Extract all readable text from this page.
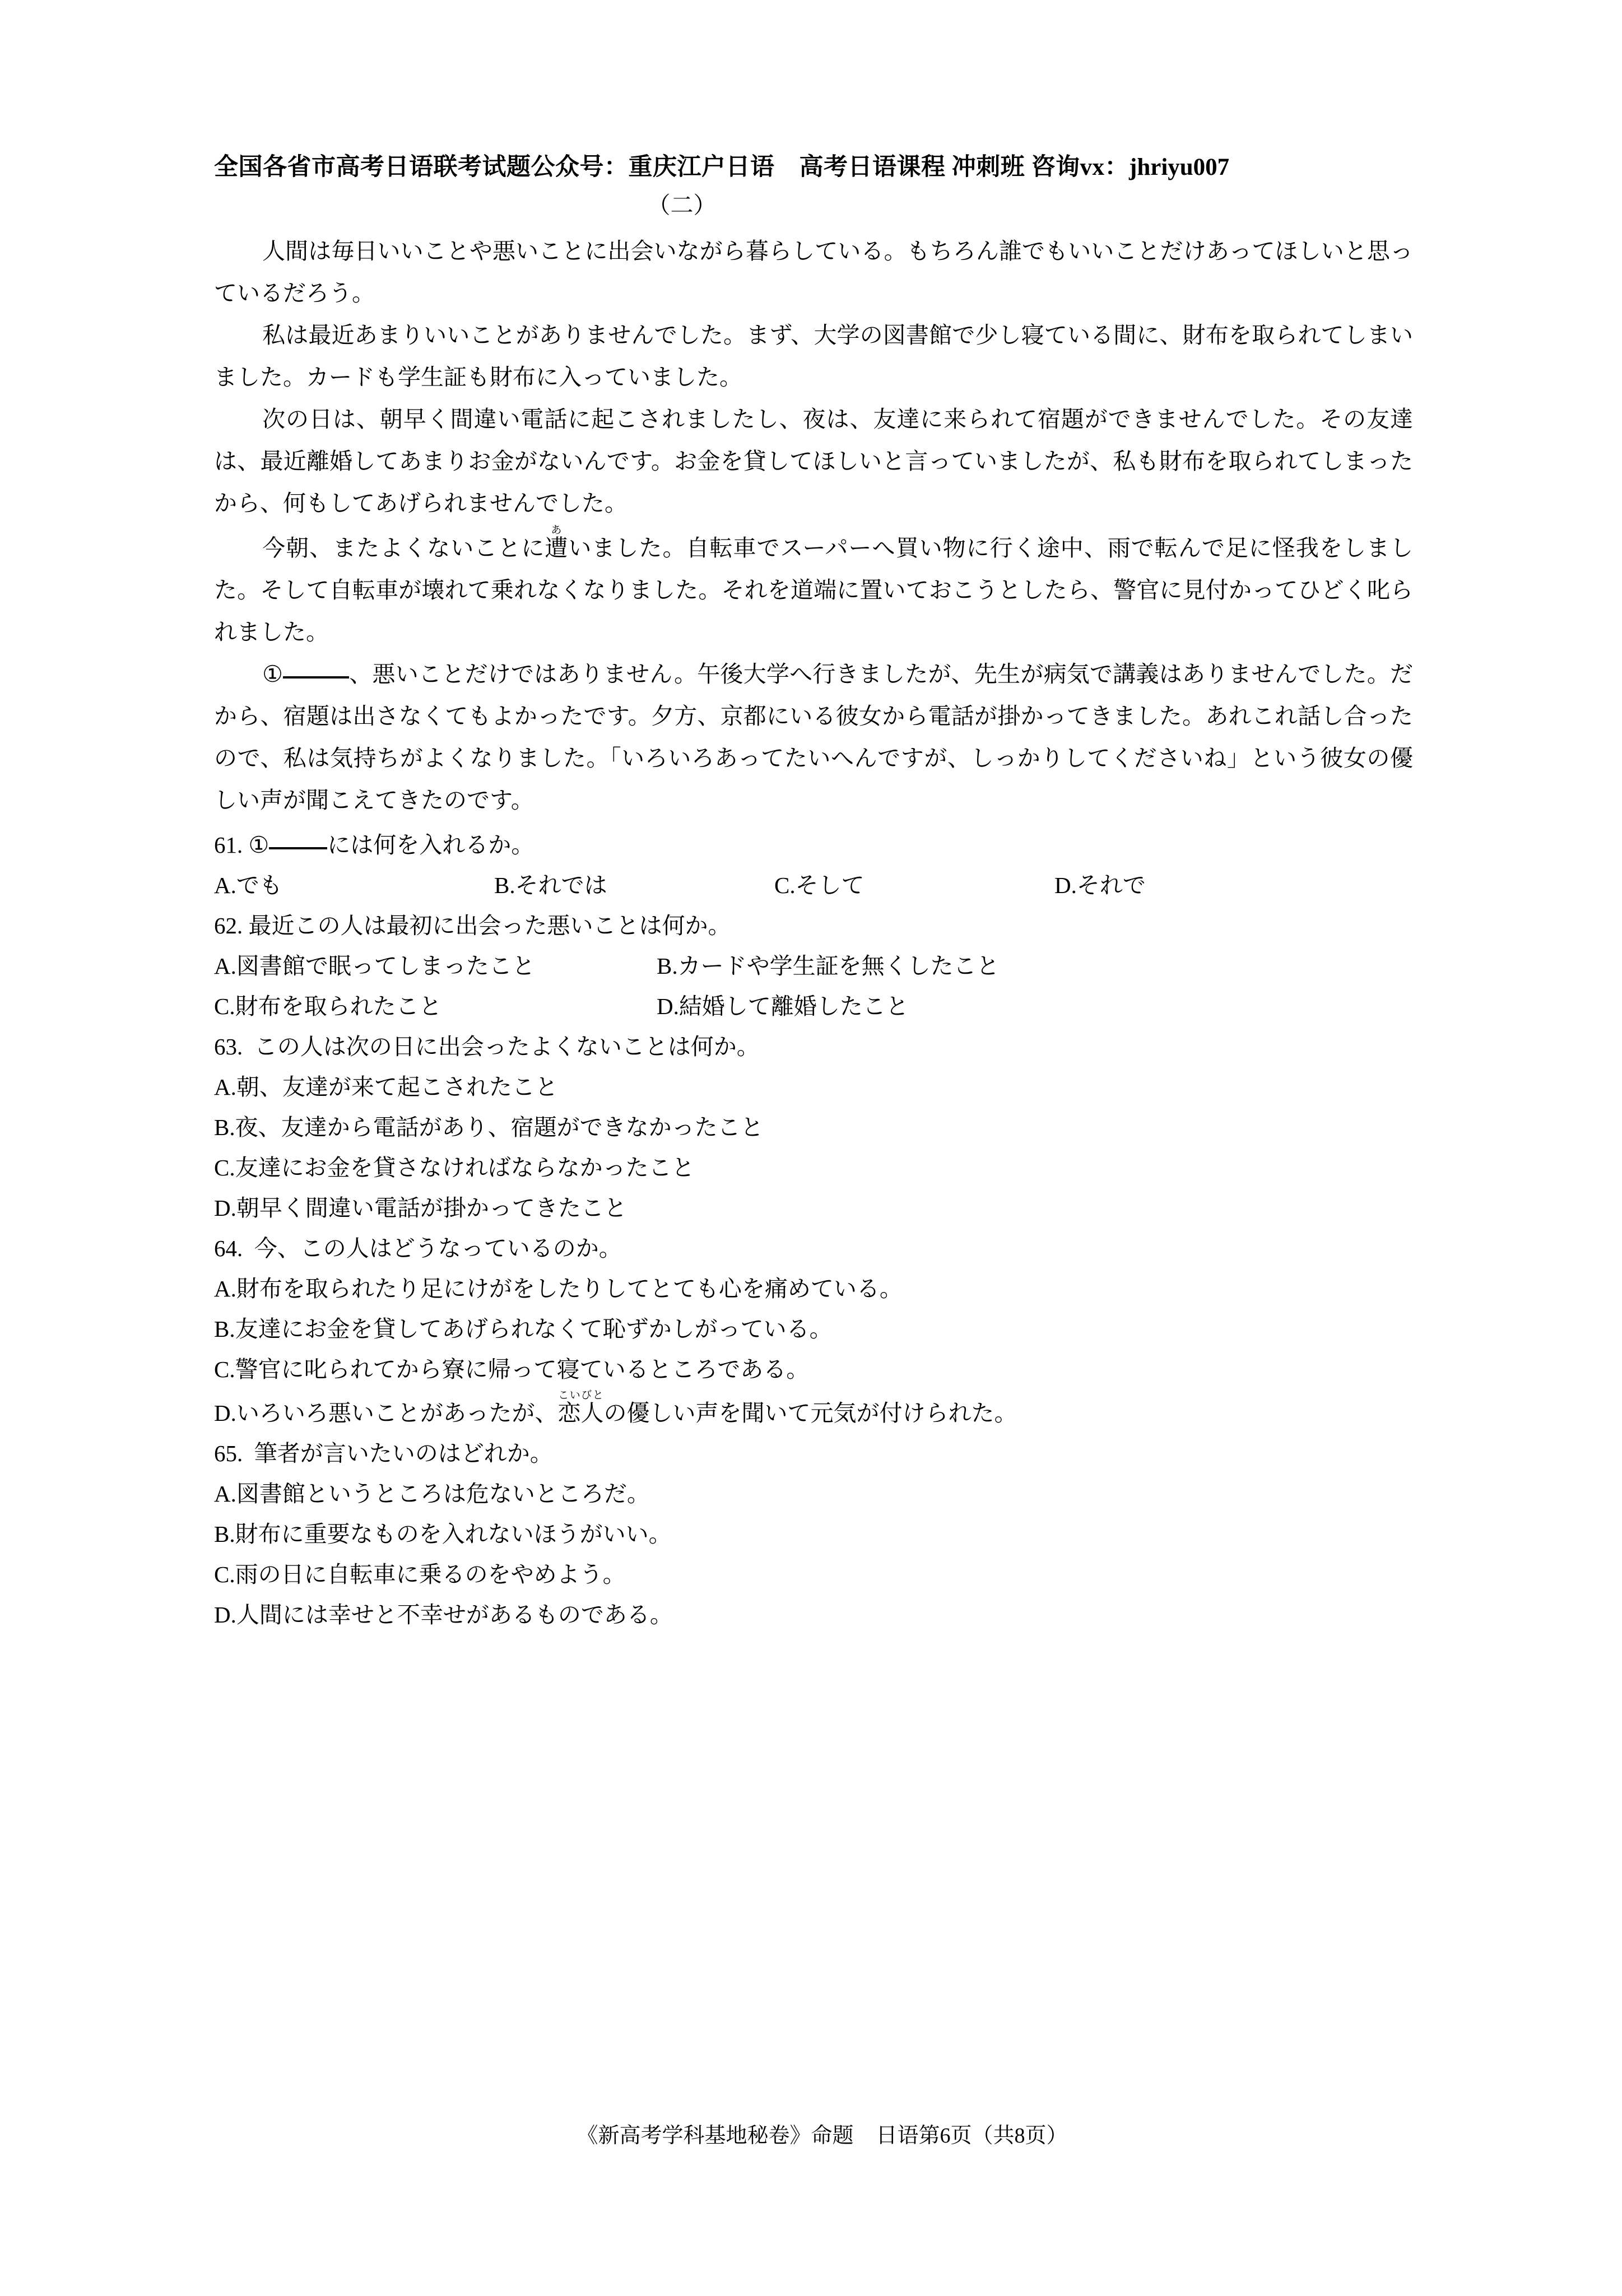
全国各省市高考日语联考试题公众号：重庆江户日语 高考日语课程 冲刺班 咨询vx：jhriyu007
（二）

人間は毎日いいことや悪いことに出会いながら暮らしている。もちろん誰でもいいことだけあってほしいと思っているだろう。

私は最近あまりいいことがありませんでした。まず、大学の図書館で少し寝ている間に、財布を取られてしまいました。カードも学生証も財布に入っていました。

次の日は、朝早く間違い電話に起こされましたし、夜は、友達に来られて宿題ができませんでした。その友達は、最近離婚してあまりお金がないんです。お金を貸してほしいと言っていましたが、私も財布を取られてしまったから、何もしてあげられませんでした。

今朝、またよくないことに遭あいました。自転車でスーパーへ買い物に行く途中、雨で転んで足に怪我をしました。そして自転車が壊れて乗れなくなりました。それを道端に置いておこうとしたら、警官に見付かってひどく叱られました。

①	、悪いことだけではありません。午後大学へ行きましたが、先生が病気で講義はありませんでした。だから、宿題は出さなくてもよかったです。夕方、京都にいる彼女から電話が掛かってきました。あれこれ話し合ったので、私は気持ちがよくなりました。「いろいろあってたいへんですが、しっかりしてくださいね」という彼女の優しい声が聞こえてきたのです。

61. ①	には何を入れるか。

A.でも	B.それでは	C.そして	D.それで

62. 最近この人は最初に出会った悪いことは何か。

A.図書館で眠ってしまったこと	B.カードや学生証を無くしたこと

C.財布を取られたこと	D.結婚して離婚したこと

63. この人は次の日に出会ったよくないことは何か。

A.朝、友達が来て起こされたこと

B.夜、友達から電話があり、宿題ができなかったこと

C.友達にお金を貸さなければならなかったこと

D.朝早く間違い電話が掛かってきたこと

64. 今、この人はどうなっているのか。

A.財布を取られたり足にけがをしたりしてとても心を痛めている。

B.友達にお金を貸してあげられなくて恥ずかしがっている。

C.警官に叱られてから寮に帰って寝ているところである。

D.いろいろ悪いことがあったが、恋人こいびとの優しい声を聞いて元気が付けられた。

65. 筆者が言いたいのはどれか。

A.図書館というところは危ないところだ。

B.財布に重要なものを入れないほうがいい。

C.雨の日に自転車に乗るのをやめよう。

D.人間には幸せと不幸せがあるものである。

《新高考学科基地秘卷》命题 日语第6页（共8页）
